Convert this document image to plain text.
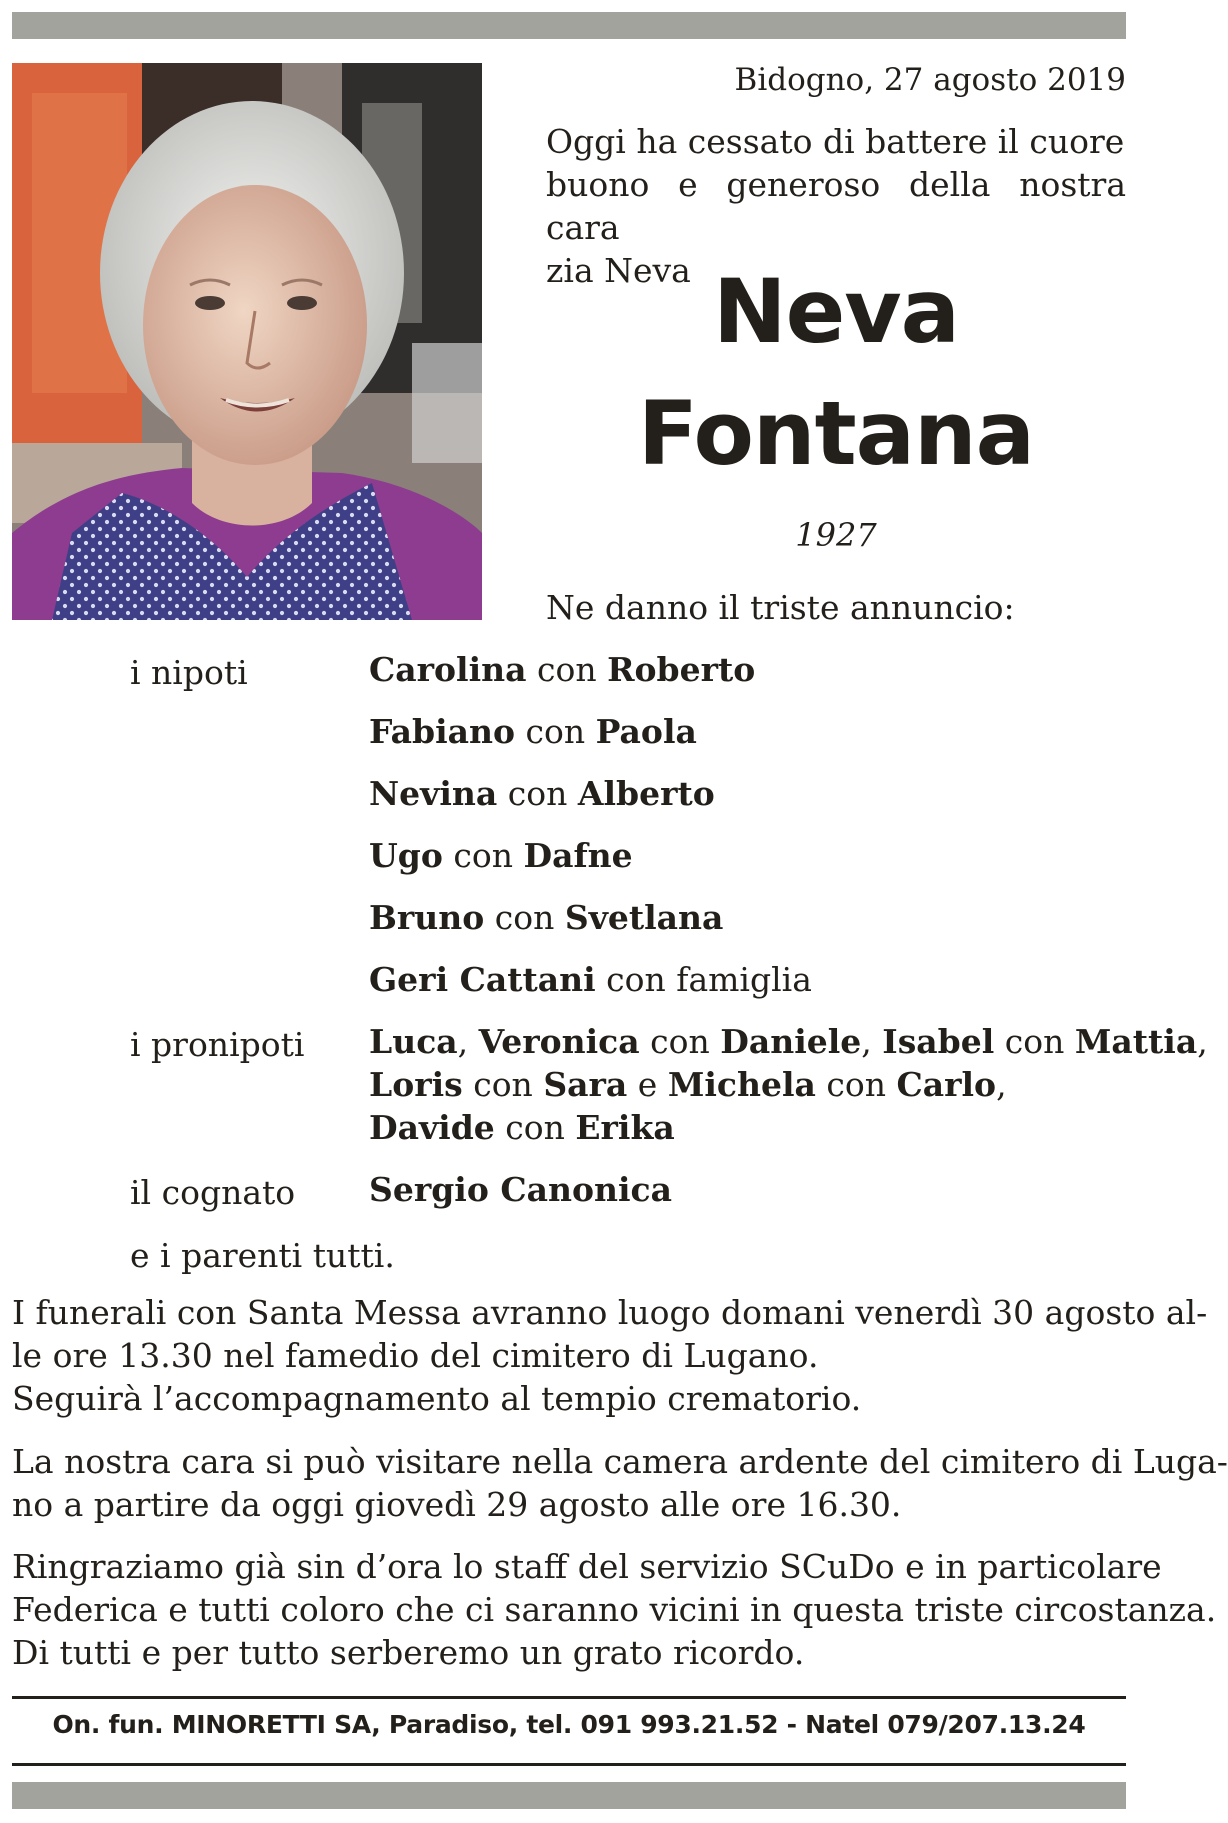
Bidogno, 27 agosto 2019
Oggi ha cessato di battere il cuore
buono e generoso della nostra cara
zia Neva Neva
Fontana
1927
Ne danno il triste annuncio:
i nipoti	Carolina con Roberto
Fabiano con Paola
Nevina con Alberto
Ugo con Dafne
Bruno con Svetlana
Geri Cattani con famiglia
i pronipoti Luca, Veronica con Daniele, Isabel con Mattia,
Loris con Sara e Michela con Carlo,
Davide con Erika
il cognato Sergio Canonica
e i parenti tutti.
I funerali con Santa Messa avranno luogo domani venerdì 30 agosto al-
le ore 13.30 nel famedio del cimitero di Lugano.
Seguirà l’accompagnamento al tempio crematorio.
La nostra cara si può visitare nella camera ardente del cimitero di Luga-
no a partire da oggi giovedì 29 agosto alle ore 16.30.
Ringraziamo già sin d’ora lo staff del servizio SCuDo e in particolare
Federica e tutti coloro che ci saranno vicini in questa triste circostanza.
Di tutti e per tutto serberemo un grato ricordo.
On. fun. MINORETTI SA, Paradiso, tel. 091 993.21.52 - Natel 079/207.13.24
